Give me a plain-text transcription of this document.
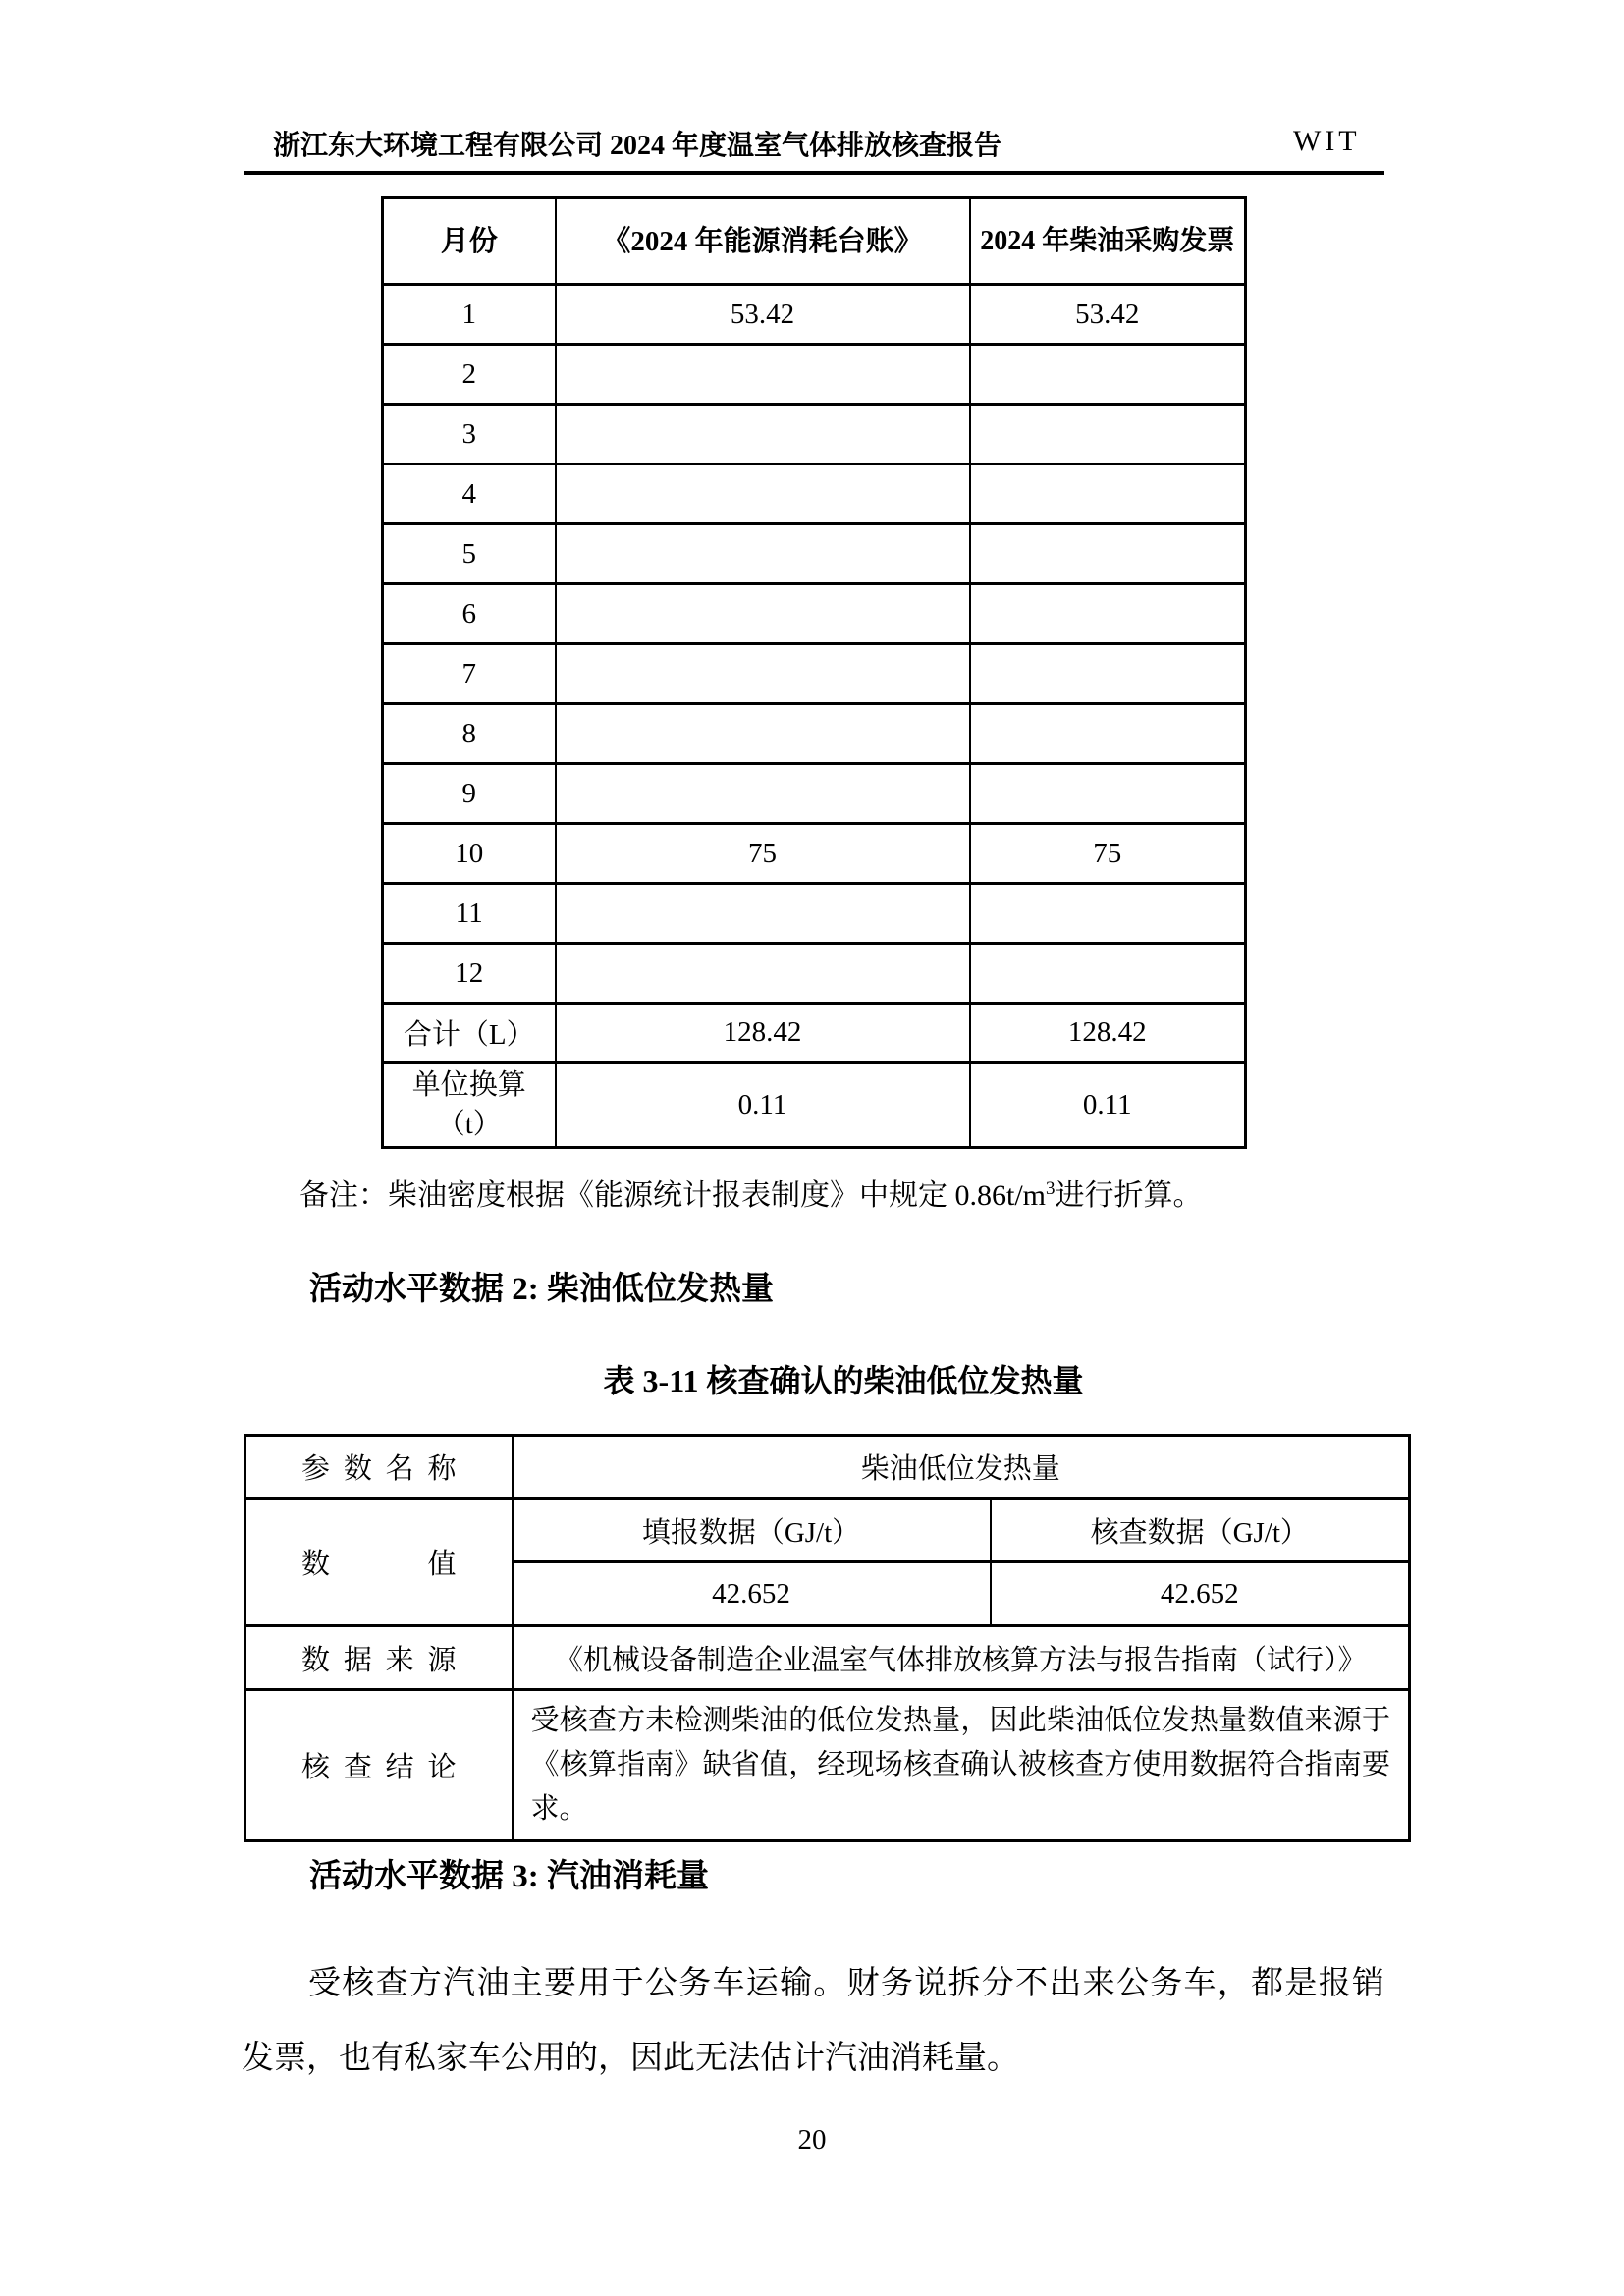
浙江东大环境工程有限公司 2024 年度温室气体排放核查报告	WIT
月份	《2024 年能源消耗台账》	2024 年柴油采购发票
1	53.42	53.42
2		
3		
4		
5		
6		
7		
8		
9		
10	75	75
11		
12		
合计（L）	128.42	128.42
单位换算（t）	0.11	0.11
备注：柴油密度根据《能源统计报表制度》中规定 $0.86t/m^3$进行折算。
活动水平数据 2: 柴油低位发热量
表 3-11 核查确认的柴油低位发热量
参数名称	柴油低位发热量	
数值	填报数据（GJ/t）	核查数据（GJ/t）
	42.652	42.652
数据来源	《机械设备制造企业温室气体排放核算方法与报告指南（试行）》	
核查结论	受核查方未检测柴油的低位发热量，因此柴油低位发热量数值来源于《核算指南》缺省值，经现场核查确认被核查方使用数据符合指南要求。	
活动水平数据 3: 汽油消耗量
受核查方汽油主要用于公务车运输。财务说拆分不出来公务车，都是报销
发票，也有私家车公用的，因此无法估计汽油消耗量。
20
